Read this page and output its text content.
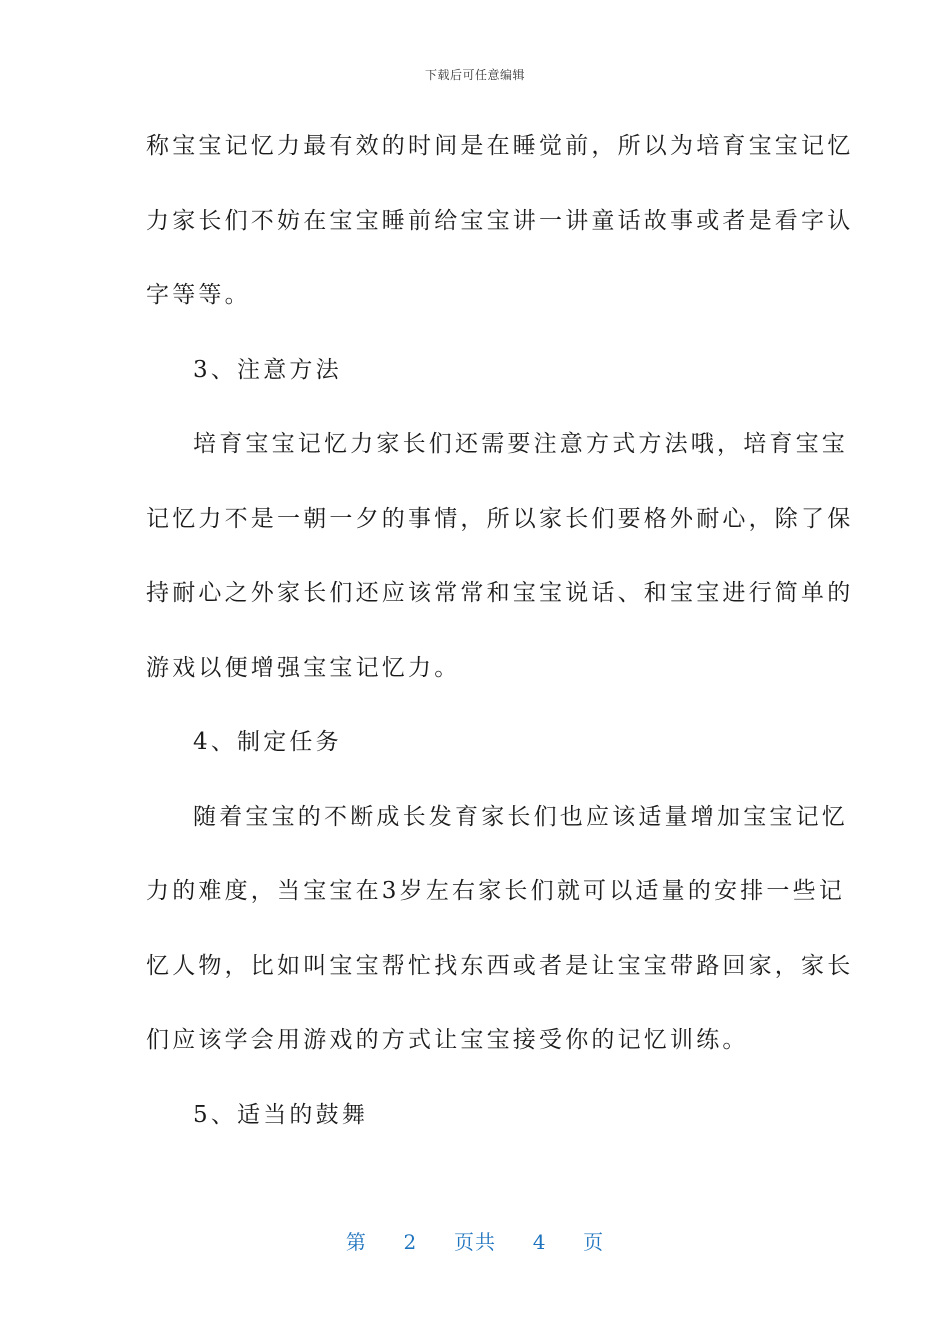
下载后可任意编辑
称宝宝记忆力最有效的时间是在睡觉前，所以为培育宝宝记忆
力家长们不妨在宝宝睡前给宝宝讲一讲童话故事或者是看字认
字等等。
3、注意方法
培育宝宝记忆力家长们还需要注意方式方法哦，培育宝宝
记忆力不是一朝一夕的事情，所以家长们要格外耐心，除了保
持耐心之外家长们还应该常常和宝宝说话、和宝宝进行简单的
游戏以便增强宝宝记忆力。
4、制定任务
随着宝宝的不断成长发育家长们也应该适量增加宝宝记忆
力的难度，当宝宝在3岁左右家长们就可以适量的安排一些记
忆人物，比如叫宝宝帮忙找东西或者是让宝宝带路回家，家长
们应该学会用游戏的方式让宝宝接受你的记忆训练。
5、适当的鼓舞
第 2 页共 4 页
